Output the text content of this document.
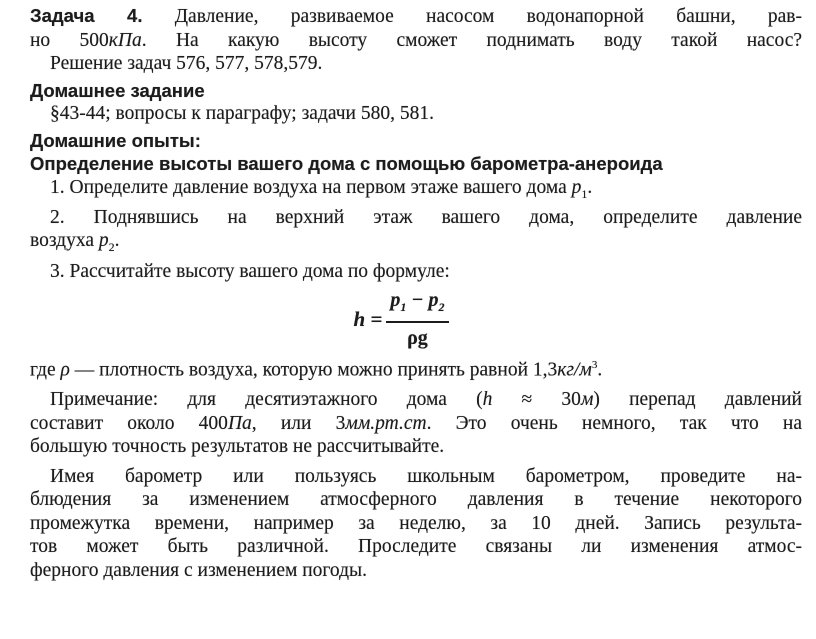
Задача 4. Давление, развиваемое насосом водонапорной башни, рав-

но 500кПа. На какую высоту сможет поднимать воду такой насос?

Решение задач 576, 577, 578,579.

Домашнее задание

§43-44; вопросы к параграфу; задачи 580, 581.

Домашние опыты:

Определение высоты вашего дома с помощью барометра-анероида

1. Определите давление воздуха на первом этаже вашего дома $p_1$.

2. Поднявшись на верхний этаж вашего дома, определите давление

воздуха $p_2$.

3. Рассчитайте высоту вашего дома по формуле:

$h = \frac{p_1 - p_2}{\rho g}$

где ρ — плотность воздуха, которую можно принять равной $1,3кг/м^3$.

Примечание: для десятиэтажного дома (h ≈ 30м) перепад давлений

составит около 400Па, или 3мм.рт.ст. Это очень немного, так что на

большую точность результатов не рассчитывайте.

Имея барометр или пользуясь школьным барометром, проведите на-

блюдения за изменением атмосферного давления в течение некоторого

промежутка времени, например за неделю, за 10 дней. Запись результа-

тов может быть различной. Проследите связаны ли изменения атмос-

ферного давления с изменением погоды.
